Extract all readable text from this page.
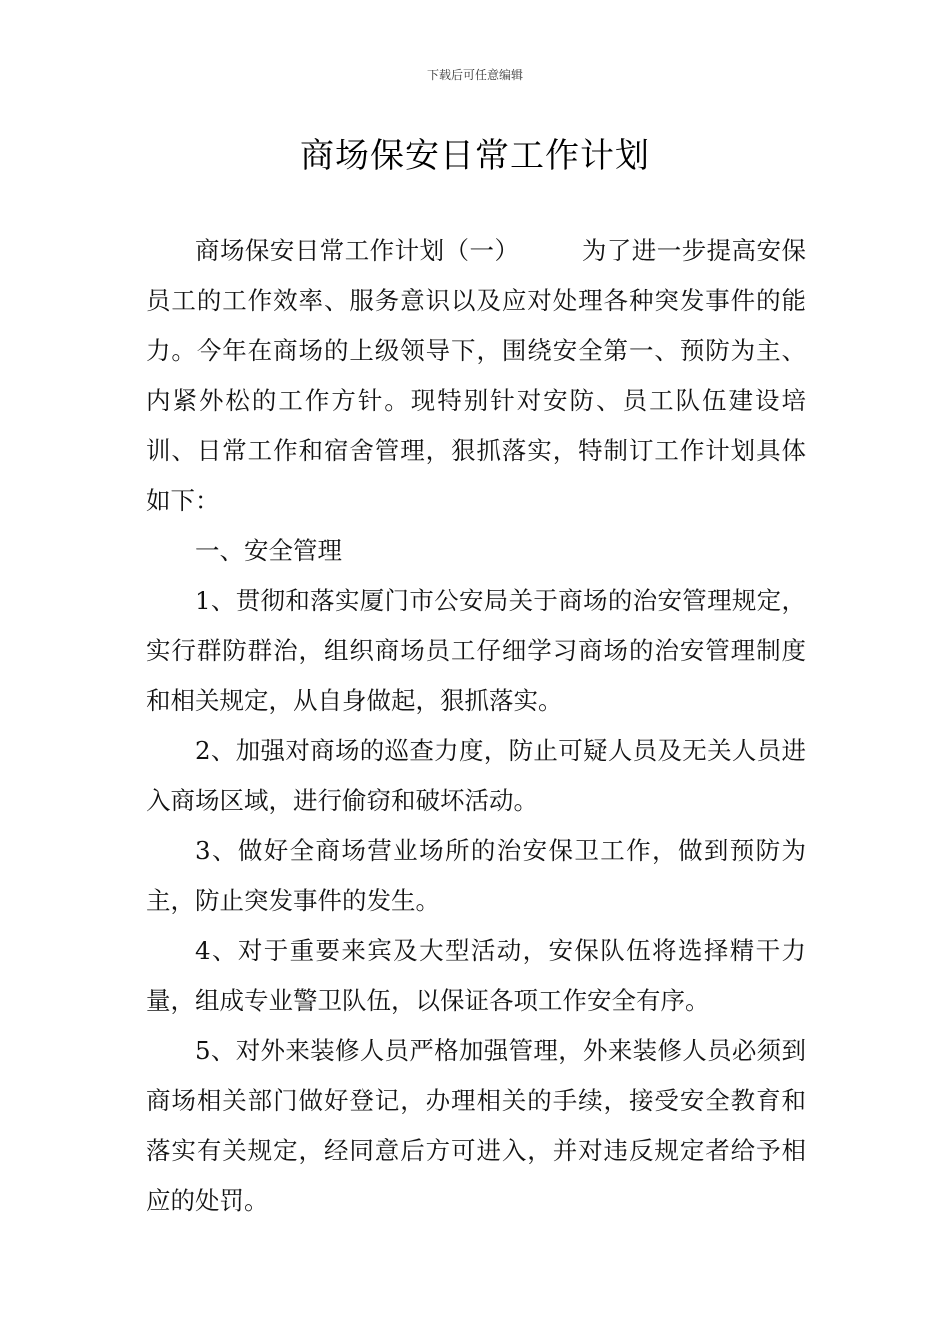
下载后可任意编辑
商场保安日常工作计划

商场保安日常工作计划（一）	为了进一步提高安保员工的工作效率、服务意识以及应对处理各种突发事件的能力。今年在商场的上级领导下，围绕安全第一、预防为主、内紧外松的工作方针。现特别针对安防、员工队伍建设培训、日常工作和宿舍管理，狠抓落实，特制订工作计划具体如下：

一、安全管理

1、贯彻和落实厦门市公安局关于商场的治安管理规定，实行群防群治，组织商场员工仔细学习商场的治安管理制度和相关规定，从自身做起，狠抓落实。

2、加强对商场的巡查力度，防止可疑人员及无关人员进入商场区域，进行偷窃和破坏活动。

3、做好全商场营业场所的治安保卫工作，做到预防为主，防止突发事件的发生。

4、对于重要来宾及大型活动，安保队伍将选择精干力量，组成专业警卫队伍，以保证各项工作安全有序。

5、对外来装修人员严格加强管理，外来装修人员必须到商场相关部门做好登记，办理相关的手续，接受安全教育和落实有关规定，经同意后方可进入，并对违反规定者给予相应的处罚。
